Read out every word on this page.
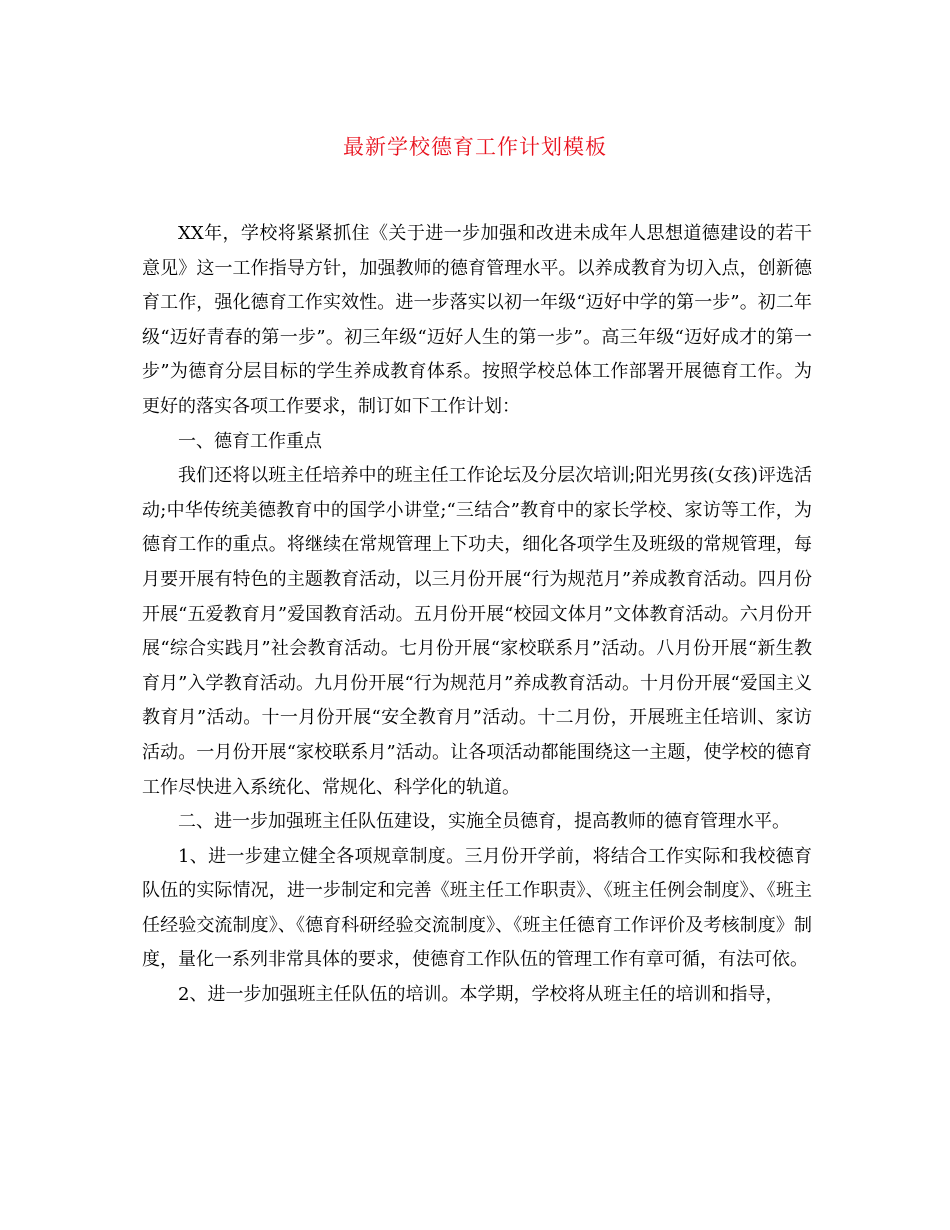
最新学校德育工作计划模板

XX年，学校将紧紧抓住《关于进一步加强和改进未成年人思想道德建设的若干意见》这一工作指导方针，加强教师的德育管理水平。以养成教育为切入点，创新德育工作，强化德育工作实效性。进一步落实以初一年级“迈好中学的第一步”。初二年级“迈好青春的第一步”。初三年级“迈好人生的第一步”。高三年级“迈好成才的第一步”为德育分层目标的学生养成教育体系。按照学校总体工作部署开展德育工作。为更好的落实各项工作要求，制订如下工作计划：

一、德育工作重点

我们还将以班主任培养中的班主任工作论坛及分层次培训;阳光男孩(女孩)评选活动;中华传统美德教育中的国学小讲堂;“三结合”教育中的家长学校、家访等工作，为德育工作的重点。将继续在常规管理上下功夫，细化各项学生及班级的常规管理，每月要开展有特色的主题教育活动，以三月份开展“行为规范月”养成教育活动。四月份开展“五爱教育月”爱国教育活动。五月份开展“校园文体月”文体教育活动。六月份开展“综合实践月”社会教育活动。七月份开展“家校联系月”活动。八月份开展“新生教育月”入学教育活动。九月份开展“行为规范月”养成教育活动。十月份开展“爱国主义教育月”活动。十一月份开展“安全教育月”活动。十二月份，开展班主任培训、家访活动。一月份开展“家校联系月”活动。让各项活动都能围绕这一主题，使学校的德育工作尽快进入系统化、常规化、科学化的轨道。

二、进一步加强班主任队伍建设，实施全员德育，提高教师的德育管理水平。

1、进一步建立健全各项规章制度。三月份开学前，将结合工作实际和我校德育队伍的实际情况，进一步制定和完善《班主任工作职责》、《班主任例会制度》、《班主任经验交流制度》、《德育科研经验交流制度》、《班主任德育工作评价及考核制度》制度，量化一系列非常具体的要求，使德育工作队伍的管理工作有章可循，有法可依。

2、进一步加强班主任队伍的培训。本学期，学校将从班主任的培训和指导，
